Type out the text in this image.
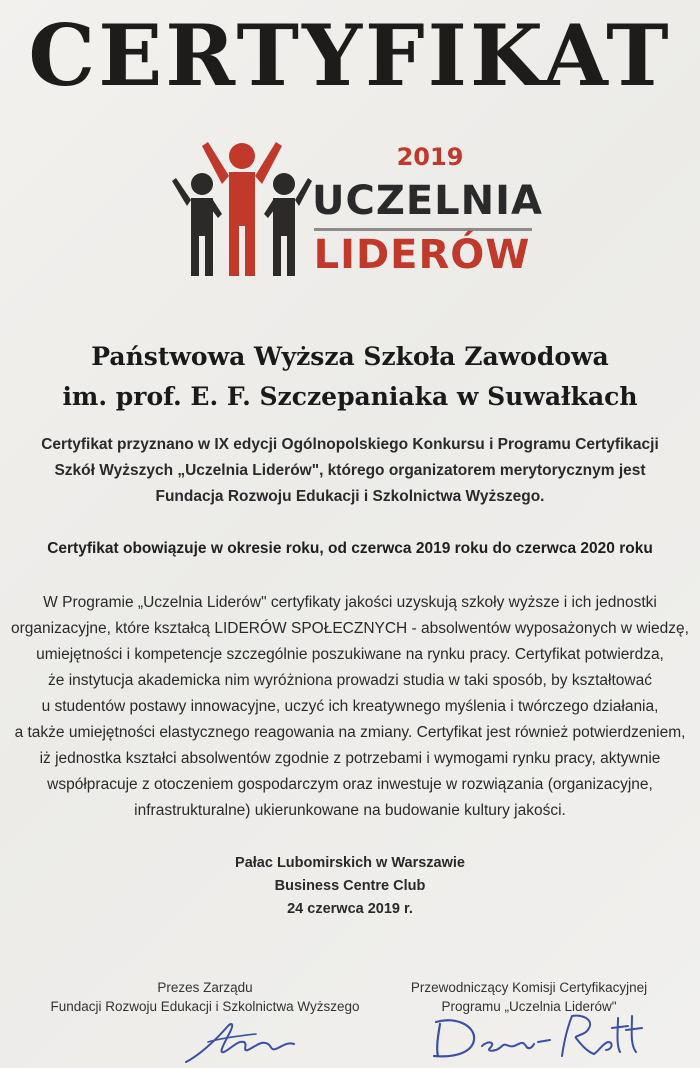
CERTYFIKAT
2019
UCZELNIA
LIDERÓW
Państwowa Wyższa Szkoła Zawodowa
im. prof. E. F. Szczepaniaka w Suwałkach
Certyfikat przyznano w IX edycji Ogólnopolskiego Konkursu i Programu Certyfikacji
Szkół Wyższych „Uczelnia Liderów", którego organizatorem merytorycznym jest
Fundacja Rozwoju Edukacji i Szkolnictwa Wyższego.
Certyfikat obowiązuje w okresie roku, od czerwca 2019 roku do czerwca 2020 roku
W Programie „Uczelnia Liderów" certyfikaty jakości uzyskują szkoły wyższe i ich jednostki
organizacyjne, które kształcą LIDERÓW SPOŁECZNYCH - absolwentów wyposażonych w wiedzę,
umiejętności i kompetencje szczególnie poszukiwane na rynku pracy. Certyfikat potwierdza,
że instytucja akademicka nim wyróżniona prowadzi studia w taki sposób, by kształtować
u studentów postawy innowacyjne, uczyć ich kreatywnego myślenia i twórczego działania,
a także umiejętności elastycznego reagowania na zmiany. Certyfikat jest również potwierdzeniem,
iż jednostka kształci absolwentów zgodnie z potrzebami i wymogami rynku pracy, aktywnie
współpracuje z otoczeniem gospodarczym oraz inwestuje w rozwiązania (organizacyjne,
infrastrukturalne) ukierunkowane na budowanie kultury jakości.
Pałac Lubomirskich w Warszawie
Business Centre Club
24 czerwca 2019 r.
Prezes Zarządu
Fundacji Rozwoju Edukacji i Szkolnictwa Wyższego
Przewodniczący Komisji Certyfikacyjnej
Programu „Uczelnia Liderów"
